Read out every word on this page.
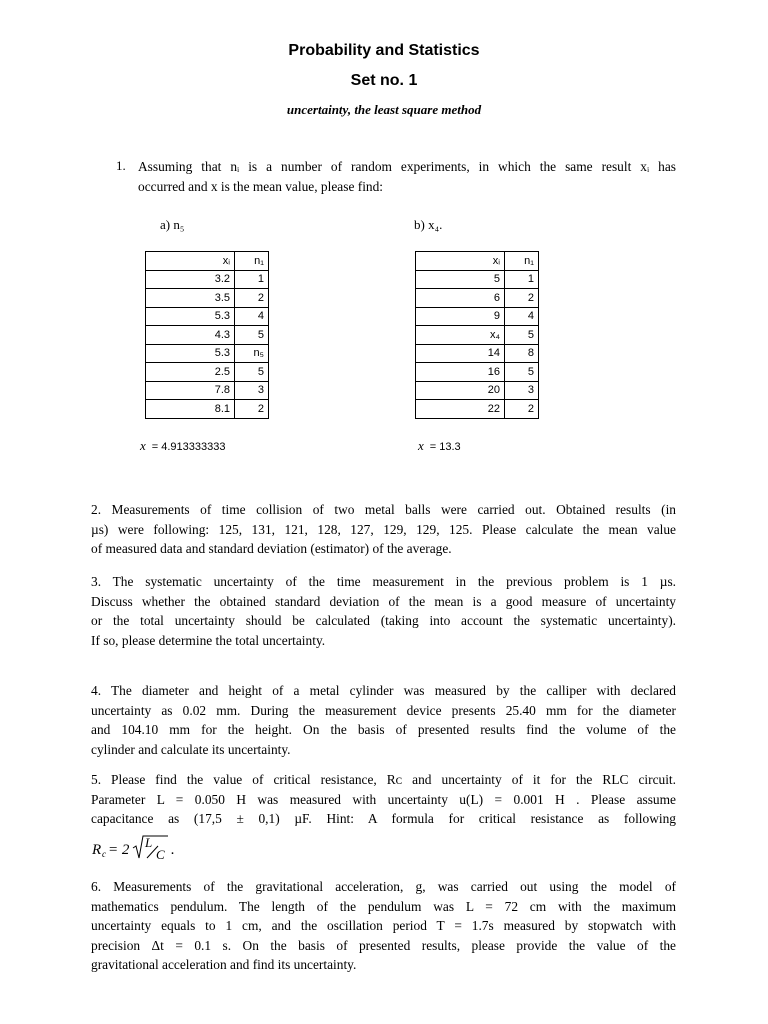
Probability and Statistics
Set no. 1
uncertainty, the least square method
1. Assuming that nᵢ is a number of random experiments, in which the same result xᵢ has
occurred and x is the mean value, please find:
a) n₅	b) x₄.
xᵢ	n₁
3.2	1
3.5	2
5.3	4
4.3	5
5.3	n₅
2.5	5
7.8	3
8.1	2
xᵢ	n₁
5	1
6	2
9	4
x₄	5
14	8
16	5
20	3
22	2
x = 4.913333333	x = 13.3
2. Measurements of time collision of two metal balls were carried out. Obtained results (in
µs) were following: 125, 131, 121, 128, 127, 129, 129, 125. Please calculate the mean value
of measured data and standard deviation (estimator) of the average.
3. The systematic uncertainty of the time measurement in the previous problem is 1 µs.
Discuss whether the obtained standard deviation of the mean is a good measure of uncertainty
or the total uncertainty should be calculated (taking into account the systematic uncertainty).
If so, please determine the total uncertainty.
4. The diameter and height of a metal cylinder was measured by the calliper with declared
uncertainty as 0.02 mm. During the measurement device presents 25.40 mm for the diameter
and 104.10 mm for the height. On the basis of presented results find the volume of the
cylinder and calculate its uncertainty.
5. Please find the value of critical resistance, Rᴄ and uncertainty of it for the RLC circuit.
Parameter L = 0.050 H was measured with uncertainty u(L) = 0.001 H . Please assume
capacitance as (17,5 ± 0,1) µF. Hint: A formula for critical resistance as following
R c = 2 L
C .
6. Measurements of the gravitational acceleration, g, was carried out using the model of
mathematics pendulum. The length of the pendulum was L = 72 cm with the maximum
uncertainty equals to 1 cm, and the oscillation period T = 1.7s measured by stopwatch with
precision Δt = 0.1 s. On the basis of presented results, please provide the value of the
gravitational acceleration and find its uncertainty.
